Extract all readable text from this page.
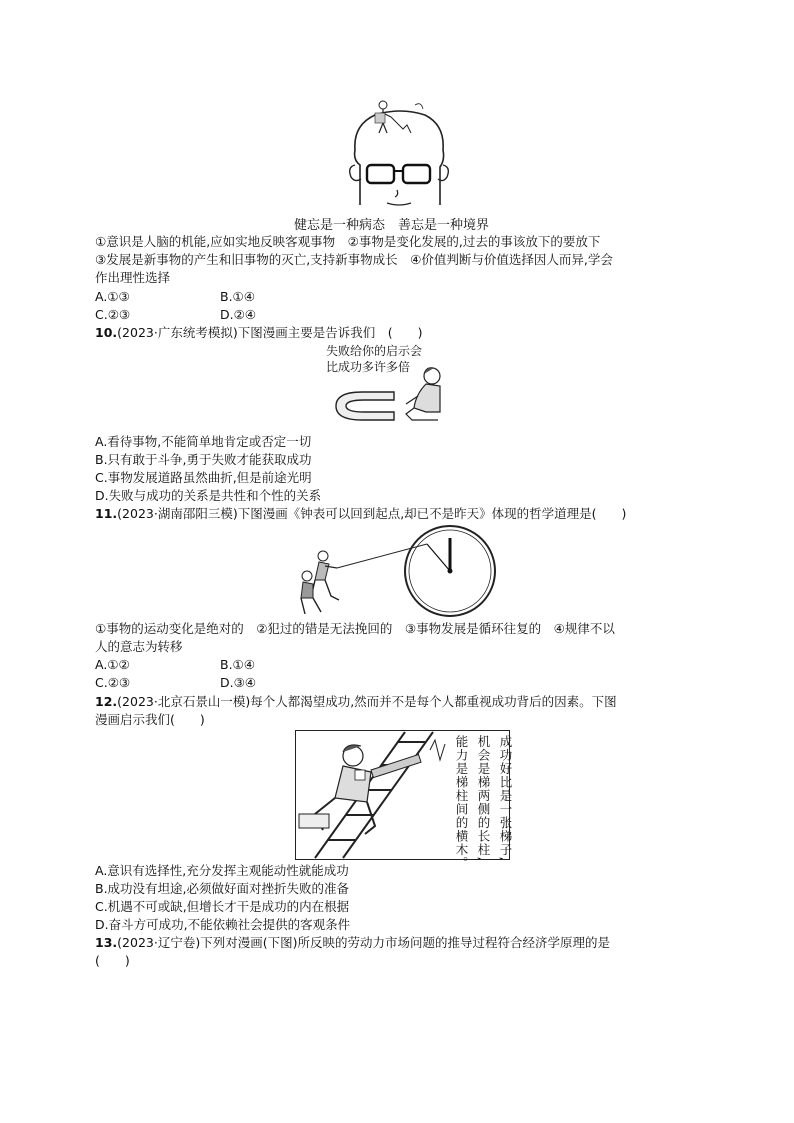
健忘是一种病态　善忘是一种境界
①意识是人脑的机能,应如实地反映客观事物　②事物是变化发展的,过去的事该放下的要放下
③发展是新事物的产生和旧事物的灭亡,支持新事物成长　④价值判断与价值选择因人而异,学会
作出理性选择
A.①③	B.①④
C.②③	D.②④
10.(2023·广东统考模拟)下图漫画主要是告诉我们　(　　)
失败给你的启示会
比成功多许多倍
A.看待事物,不能简单地肯定或否定一切
B.只有敢于斗争,勇于失败才能获取成功
C.事物发展道路虽然曲折,但是前途光明
D.失败与成功的关系是共性和个性的关系
11.(2023·湖南邵阳三模)下图漫画《钟表可以回到起点,却已不是昨天》体现的哲学道理是(　　)
①事物的运动变化是绝对的　②犯过的错是无法挽回的　③事物发展是循环往复的　④规律不以
人的意志为转移
A.①②	B.①④
C.②③	D.③④
12.(2023·北京石景山一模)每个人都渴望成功,然而并不是每个人都重视成功背后的因素。下图
漫画启示我们(　　)
成功好比是一张梯子,
机会是梯两侧的长柱,
能力是梯柱间的横木。
A.意识有选择性,充分发挥主观能动性就能成功
B.成功没有坦途,必须做好面对挫折失败的准备
C.机遇不可或缺,但增长才干是成功的内在根据
D.奋斗方可成功,不能依赖社会提供的客观条件
13.(2023·辽宁卷)下列对漫画(下图)所反映的劳动力市场问题的推导过程符合经济学原理的是
(　　)
